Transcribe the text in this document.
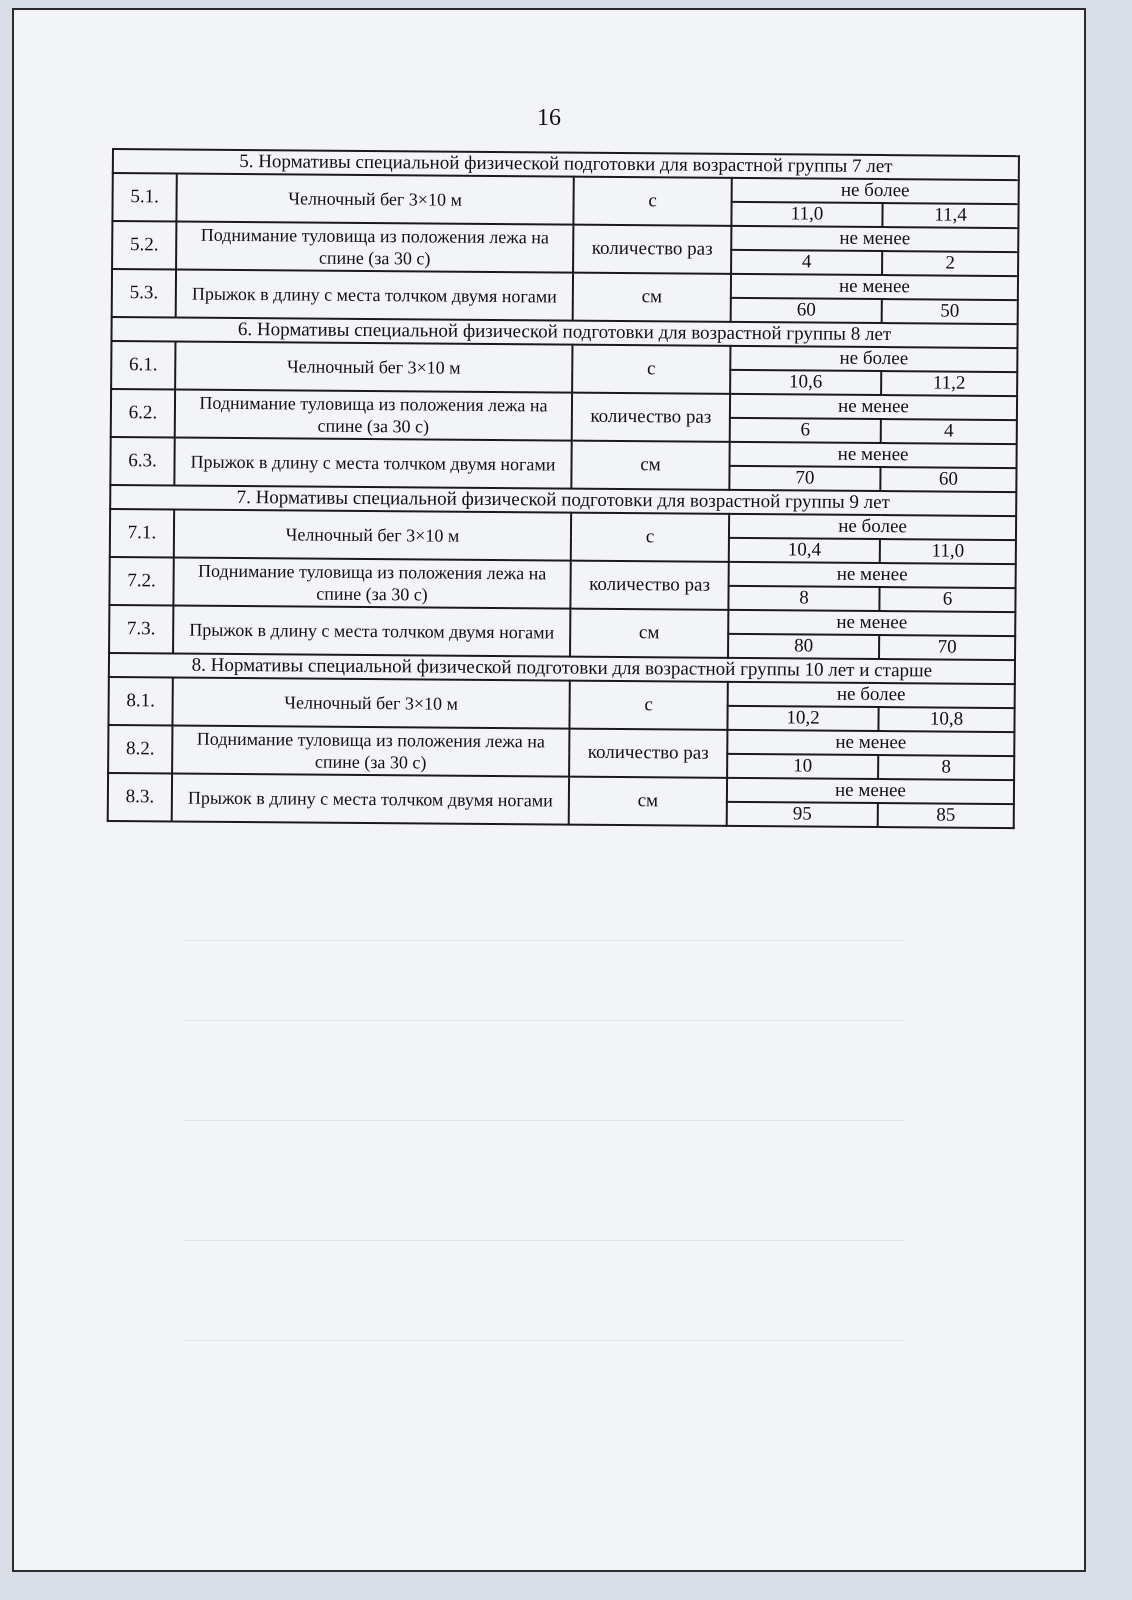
16
5. Нормативы специальной физической подготовки для возрастной группы 7 лет				
5.1.	Челночный бег 3×10 м	с	не более	
			11,0	11,4
5.2.	Поднимание туловища из положения лежа на спине (за 30 с)	количество раз	не менее	
			4	2
5.3.	Прыжок в длину с места толчком двумя ногами	см	не менее	
			60	50
6. Нормативы специальной физической подготовки для возрастной группы 8 лет				
6.1.	Челночный бег 3×10 м	с	не более	
			10,6	11,2
6.2.	Поднимание туловища из положения лежа на спине (за 30 с)	количество раз	не менее	
			6	4
6.3.	Прыжок в длину с места толчком двумя ногами	см	не менее	
			70	60
7. Нормативы специальной физической подготовки для возрастной группы 9 лет				
7.1.	Челночный бег 3×10 м	с	не более	
			10,4	11,0
7.2.	Поднимание туловища из положения лежа на спине (за 30 с)	количество раз	не менее	
			8	6
7.3.	Прыжок в длину с места толчком двумя ногами	см	не менее	
			80	70
8. Нормативы специальной физической подготовки для возрастной группы 10 лет и старше				
8.1.	Челночный бег 3×10 м	с	не более	
			10,2	10,8
8.2.	Поднимание туловища из положения лежа на спине (за 30 с)	количество раз	не менее	
			10	8
8.3.	Прыжок в длину с места толчком двумя ногами	см	не менее	
			95	85
